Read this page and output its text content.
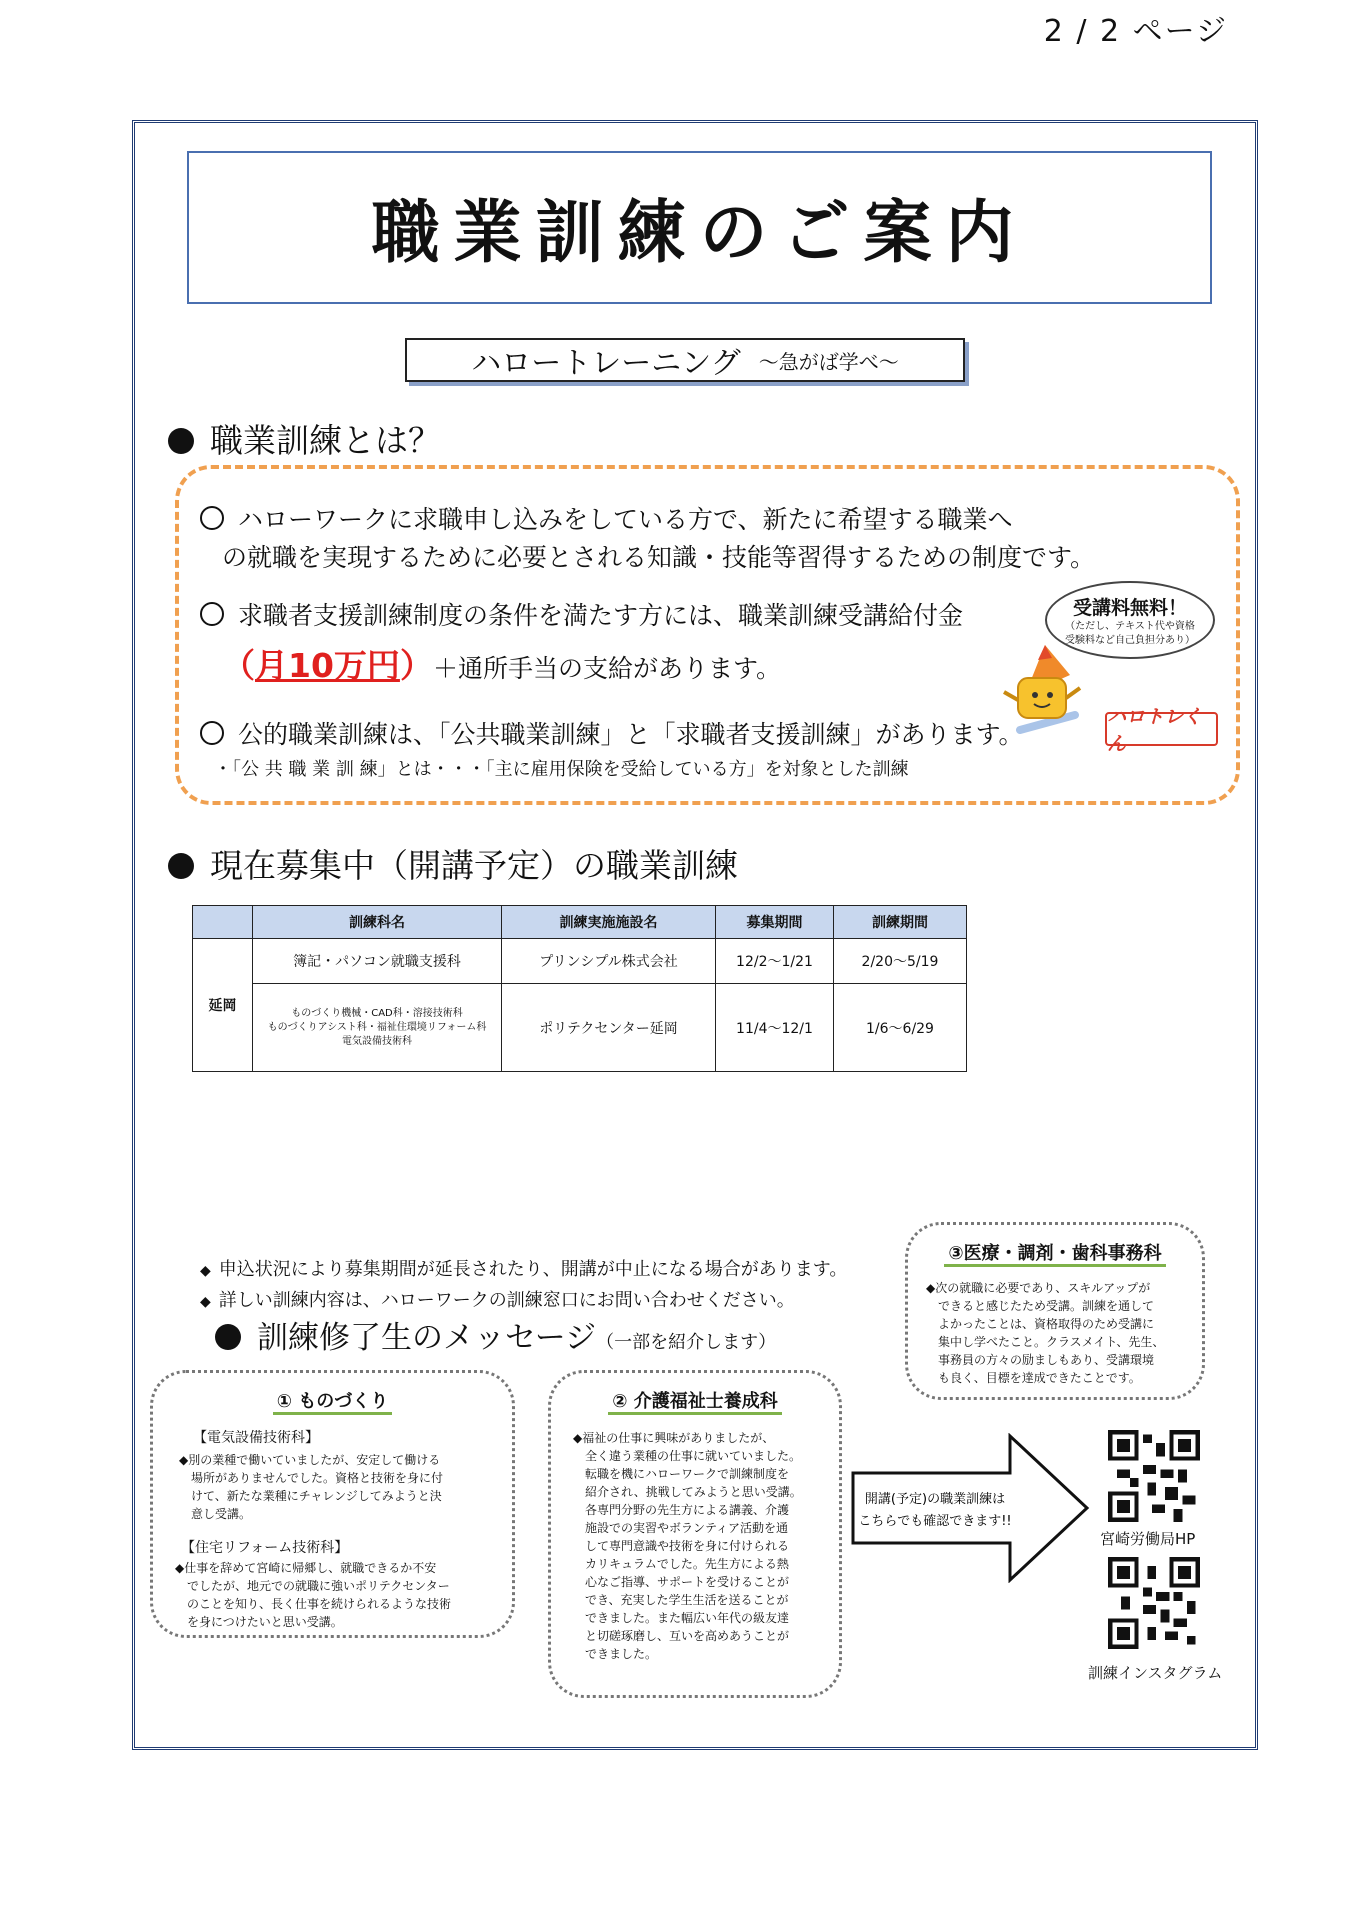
2 / 2 ページ
職業訓練のご案内
ハロートレーニング ～急がば学べ～
職業訓練とは？
ハローワークに求職申し込みをしている方で、新たに希望する職業へ
の就職を実現するために必要とされる知識・技能等習得するための制度です。
求職者支援訓練制度の条件を満たす方には、職業訓練受講給付金
（月10万円）＋通所手当の支給があります。
公的職業訓練は、「公共職業訓練」と「求職者支援訓練」があります。
・「公 共 職 業 訓 練」とは・・・「主に雇用保険を受給している方」を対象とした訓練
受講料無料！
（ただし、テキスト代や資格
受験料など自己負担分あり）
ハロトレくん
現在募集中（開講予定）の職業訓練
	訓練科名	訓練実施施設名	募集期間	訓練期間
延岡	簿記・パソコン就職支援科	プリンシプル株式会社	12/2～1/21	2/20～5/19

	ものづくり機械・CAD科・溶接技術科
ものづくりアシスト科・福祉住環境リフォーム科
電気設備技術科	ポリテクセンター延岡	11/4～12/1	1/6～6/29
◆ 申込状況により募集期間が延長されたり、開講が中止になる場合があります。
◆ 詳しい訓練内容は、ハローワークの訓練窓口にお問い合わせください。
訓練修了生のメッセージ（一部を紹介します）
① ものづくり
【電気設備技術科】
◆別の業種で働いていましたが、安定して働ける
場所がありませんでした。資格と技術を身に付
けて、新たな業種にチャレンジしてみようと決
意し受講。
【住宅リフォーム技術科】
◆仕事を辞めて宮崎に帰郷し、就職できるか不安
でしたが、地元での就職に強いポリテクセンター
のことを知り、長く仕事を続けられるような技術
を身につけたいと思い受講。
② 介護福祉士養成科
◆福祉の仕事に興味がありましたが、
全く違う業種の仕事に就いていました。
転職を機にハローワークで訓練制度を
紹介され、挑戦してみようと思い受講。
各専門分野の先生方による講義、介護
施設での実習やボランティア活動を通
して専門意識や技術を身に付けられる
カリキュラムでした。先生方による熱
心なご指導、サポートを受けることが
でき、充実した学生生活を送ることが
できました。また幅広い年代の級友達
と切磋琢磨し、互いを高めあうことが
できました。
③医療・調剤・歯科事務科
◆次の就職に必要であり、スキルアップが
できると感じたため受講。訓練を通して
よかったことは、資格取得のため受講に
集中し学べたこと。クラスメイト、先生、
事務員の方々の励ましもあり、受講環境
も良く、目標を達成できたことです。
開講(予定)の職業訓練は
こちらでも確認できます!!
宮崎労働局HP
訓練インスタグラム
